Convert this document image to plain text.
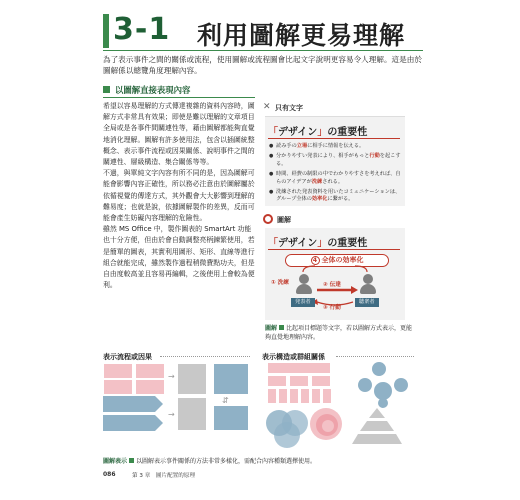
3-1 利用圖解更易理解
為了表示事件之間的關係或流程，使用圖解或流程圖會比起文字說明更容易令人理解。這是由於圖解係以總覽角度理解內容。
以圖解直接表現內容

希望以容易理解的方式傳達複雜的資料內容時，圖解方式非常具有效果；即使是難以理解的文章項目全局或是各事件間關連性等，藉由圖解都能夠直覺地消化理解。圖解有許多使用法，包含以插圖統整概念、表示事件流程或因果關係、說明事件之間的關連性、層級構造、集合關係等等。

不過，與單純文字內容有所不同的是，因為圖解可能會影響內容正確性，所以務必注意由於圖解屬於依循視覺的傳達方式，其外觀會大大影響到理解的難易度；也就是說，依據圖解製作的差異，反而可能會產生妨礙內容理解的危險性。

雖然 MS Office 中，製作圖表的 SmartArt 功能也十分方便，但由於會自動調整亮柄鍊繁使用，若是簡單的圖表，其實利用圖形、矩形、直線等進行組合就能完成，雖然製作過程稍微費點功夫，但是自由度較高並且容易再編輯，之後使用上會較為便利。

✕ 只有文字
「デザイン」の重要性
● 読み手の立場に相手に情報を伝える。
● 分かりやすい発表により、相手がもっと行動を起こする。
● 時間、経費の制限の中でわかりやすさを考えれば、自らのアイデアが洗練される。
● 洗練された発表資料を用いたコミュニケーションは、グループ全体の効率化に繋がる。
圖解
「デザイン」の重要性
4 全体の効率化
① 洗練	② 伝達
③ 行動
発表者	聴衆者
圖解 比起項目標題等文字，若以圖解方式表示，更能夠直覺地理解內容。
表示流程或因果
→
→
⇵
表示構造或群組關係
圖解表示 以圖解表示事件關係的方法非常多樣化，需配合內容種類選擇使用。
086	第 3 章　圖片配置的原理
